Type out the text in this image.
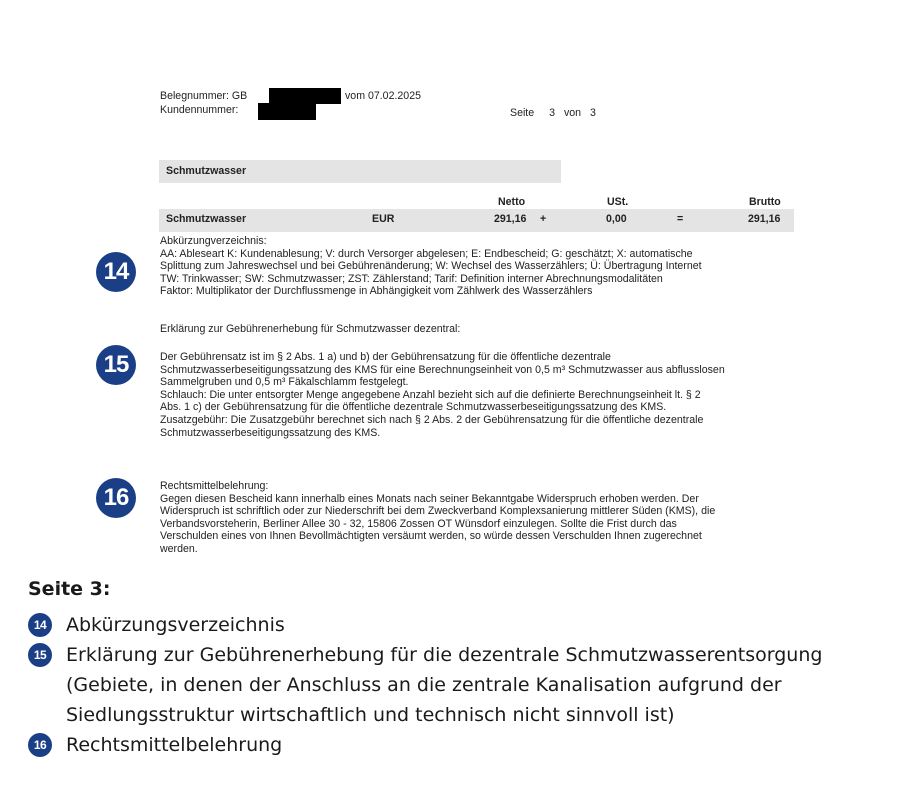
Belegnummer: GB	vom 07.02.2025
Kundennummer:	Seite 3 von 3
Schmutzwasser
Netto	USt.	Brutto
Schmutzwasser	EUR	291,16 +	0,00	=	291,16
Abkürzungverzeichnis:
AA: Ableseart K: Kundenablesung; V: durch Versorger abgelesen; E: Endbescheid; G: geschätzt; X: automatische
Splittung zum Jahreswechsel und bei Gebührenänderung; W: Wechsel des Wasserzählers; Ü: Übertragung Internet
TW: Trinkwasser; SW: Schmutzwasser; ZST: Zählerstand; Tarif: Definition interner Abrechnungsmodalitäten
Faktor: Multiplikator der Durchflussmenge in Abhängigkeit vom Zählwerk des Wasserzählers
14
Erklärung zur Gebührenerhebung für Schmutzwasser dezentral:
Der Gebührensatz ist im § 2 Abs. 1 a) und b) der Gebührensatzung für die öffentliche dezentrale
Schmutzwasserbeseitigungssatzung des KMS für eine Berechnungseinheit von 0,5 m³ Schmutzwasser aus abflusslosen
Sammelgruben und 0,5 m³ Fäkalschlamm festgelegt.
Schlauch: Die unter entsorgter Menge angegebene Anzahl bezieht sich auf die definierte Berechnungseinheit lt. § 2
Abs. 1 c) der Gebührensatzung für die öffentliche dezentrale Schmutzwasserbeseitigungssatzung des KMS.
Zusatzgebühr: Die Zusatzgebühr berechnet sich nach § 2 Abs. 2 der Gebührensatzung für die öffentliche dezentrale
Schmutzwasserbeseitigungssatzung des KMS.
15
Rechtsmittelbelehrung:
Gegen diesen Bescheid kann innerhalb eines Monats nach seiner Bekanntgabe Widerspruch erhoben werden. Der
Widerspruch ist schriftlich oder zur Niederschrift bei dem Zweckverband Komplexsanierung mittlerer Süden (KMS), die
Verbandsvorsteherin, Berliner Allee 30 - 32, 15806 Zossen OT Wünsdorf einzulegen. Sollte die Frist durch das
Verschulden eines von Ihnen Bevollmächtigten versäumt werden, so würde dessen Verschulden Ihnen zugerechnet
werden.
16
Seite 3:
14	Abkürzungsverzeichnis
15	Erklärung zur Gebührenerhebung für die dezentrale Schmutzwasserentsorgung
(Gebiete, in denen der Anschluss an die zentrale Kanalisation aufgrund der
Siedlungsstruktur wirtschaftlich und technisch nicht sinnvoll ist)
16	Rechtsmittelbelehrung
